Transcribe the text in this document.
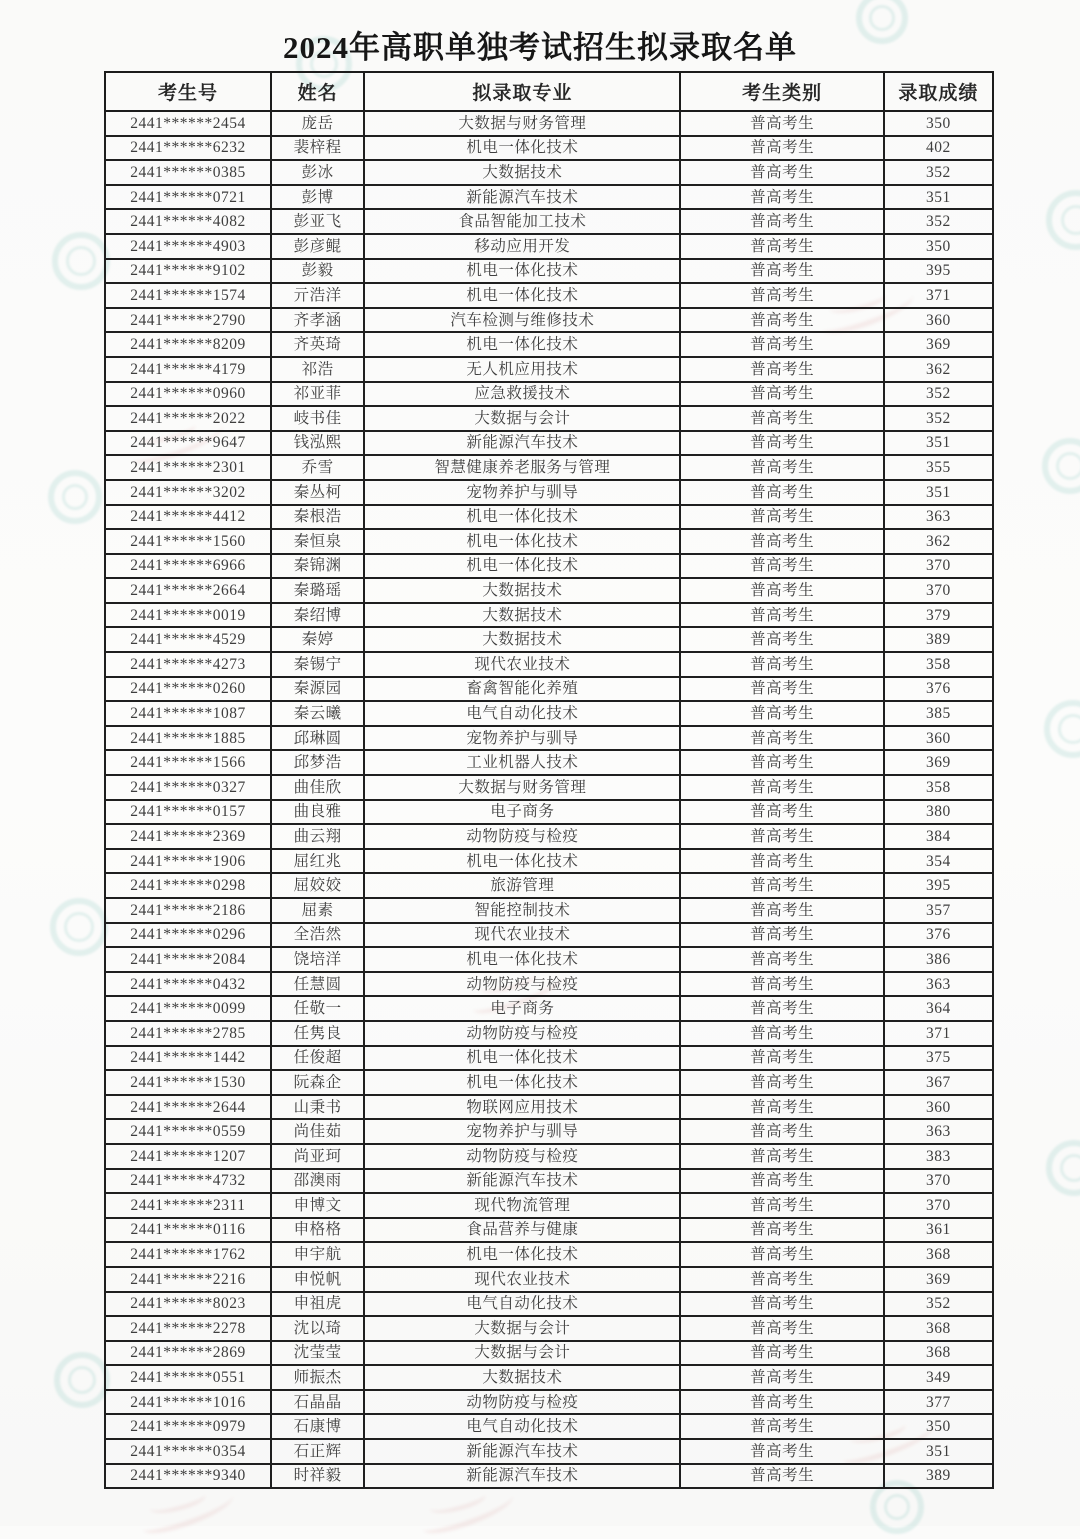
2024年高职单独考试招生拟录取名单
考生号	姓名	拟录取专业	考生类别	录取成绩
2441******2454	庞岳	大数据与财务管理	普高考生	350
2441******6232	裴梓程	机电一体化技术	普高考生	402
2441******0385	彭冰	大数据技术	普高考生	352
2441******0721	彭博	新能源汽车技术	普高考生	351
2441******4082	彭亚飞	食品智能加工技术	普高考生	352
2441******4903	彭彦鲲	移动应用开发	普高考生	350
2441******9102	彭毅	机电一体化技术	普高考生	395
2441******1574	亓浩洋	机电一体化技术	普高考生	371
2441******2790	齐孝涵	汽车检测与维修技术	普高考生	360
2441******8209	齐英琦	机电一体化技术	普高考生	369
2441******4179	祁浩	无人机应用技术	普高考生	362
2441******0960	祁亚菲	应急救援技术	普高考生	352
2441******2022	岐书佳	大数据与会计	普高考生	352
2441******9647	钱泓熙	新能源汽车技术	普高考生	351
2441******2301	乔雪	智慧健康养老服务与管理	普高考生	355
2441******3202	秦丛柯	宠物养护与驯导	普高考生	351
2441******4412	秦根浩	机电一体化技术	普高考生	363
2441******1560	秦恒泉	机电一体化技术	普高考生	362
2441******6966	秦锦渊	机电一体化技术	普高考生	370
2441******2664	秦璐瑶	大数据技术	普高考生	370
2441******0019	秦绍博	大数据技术	普高考生	379
2441******4529	秦婷	大数据技术	普高考生	389
2441******4273	秦锡宁	现代农业技术	普高考生	358
2441******0260	秦源园	畜禽智能化养殖	普高考生	376
2441******1087	秦云曦	电气自动化技术	普高考生	385
2441******1885	邱琳圆	宠物养护与驯导	普高考生	360
2441******1566	邱梦浩	工业机器人技术	普高考生	369
2441******0327	曲佳欣	大数据与财务管理	普高考生	358
2441******0157	曲良雅	电子商务	普高考生	380
2441******2369	曲云翔	动物防疫与检疫	普高考生	384
2441******1906	屈红兆	机电一体化技术	普高考生	354
2441******0298	屈姣姣	旅游管理	普高考生	395
2441******2186	屈素	智能控制技术	普高考生	357
2441******0296	全浩然	现代农业技术	普高考生	376
2441******2084	饶培洋	机电一体化技术	普高考生	386
2441******0432	任慧圆	动物防疫与检疫	普高考生	363
2441******0099	任敬一	电子商务	普高考生	364
2441******2785	任隽良	动物防疫与检疫	普高考生	371
2441******1442	任俊超	机电一体化技术	普高考生	375
2441******1530	阮森企	机电一体化技术	普高考生	367
2441******2644	山秉书	物联网应用技术	普高考生	360
2441******0559	尚佳茹	宠物养护与驯导	普高考生	363
2441******1207	尚亚珂	动物防疫与检疫	普高考生	383
2441******4732	邵澳雨	新能源汽车技术	普高考生	370
2441******2311	申博文	现代物流管理	普高考生	370
2441******0116	申格格	食品营养与健康	普高考生	361
2441******1762	申宇航	机电一体化技术	普高考生	368
2441******2216	申悦帆	现代农业技术	普高考生	369
2441******8023	申祖虎	电气自动化技术	普高考生	352
2441******2278	沈以琦	大数据与会计	普高考生	368
2441******2869	沈莹莹	大数据与会计	普高考生	368
2441******0551	师振杰	大数据技术	普高考生	349
2441******1016	石晶晶	动物防疫与检疫	普高考生	377
2441******0979	石康博	电气自动化技术	普高考生	350
2441******0354	石正辉	新能源汽车技术	普高考生	351
2441******9340	时祥毅	新能源汽车技术	普高考生	389
